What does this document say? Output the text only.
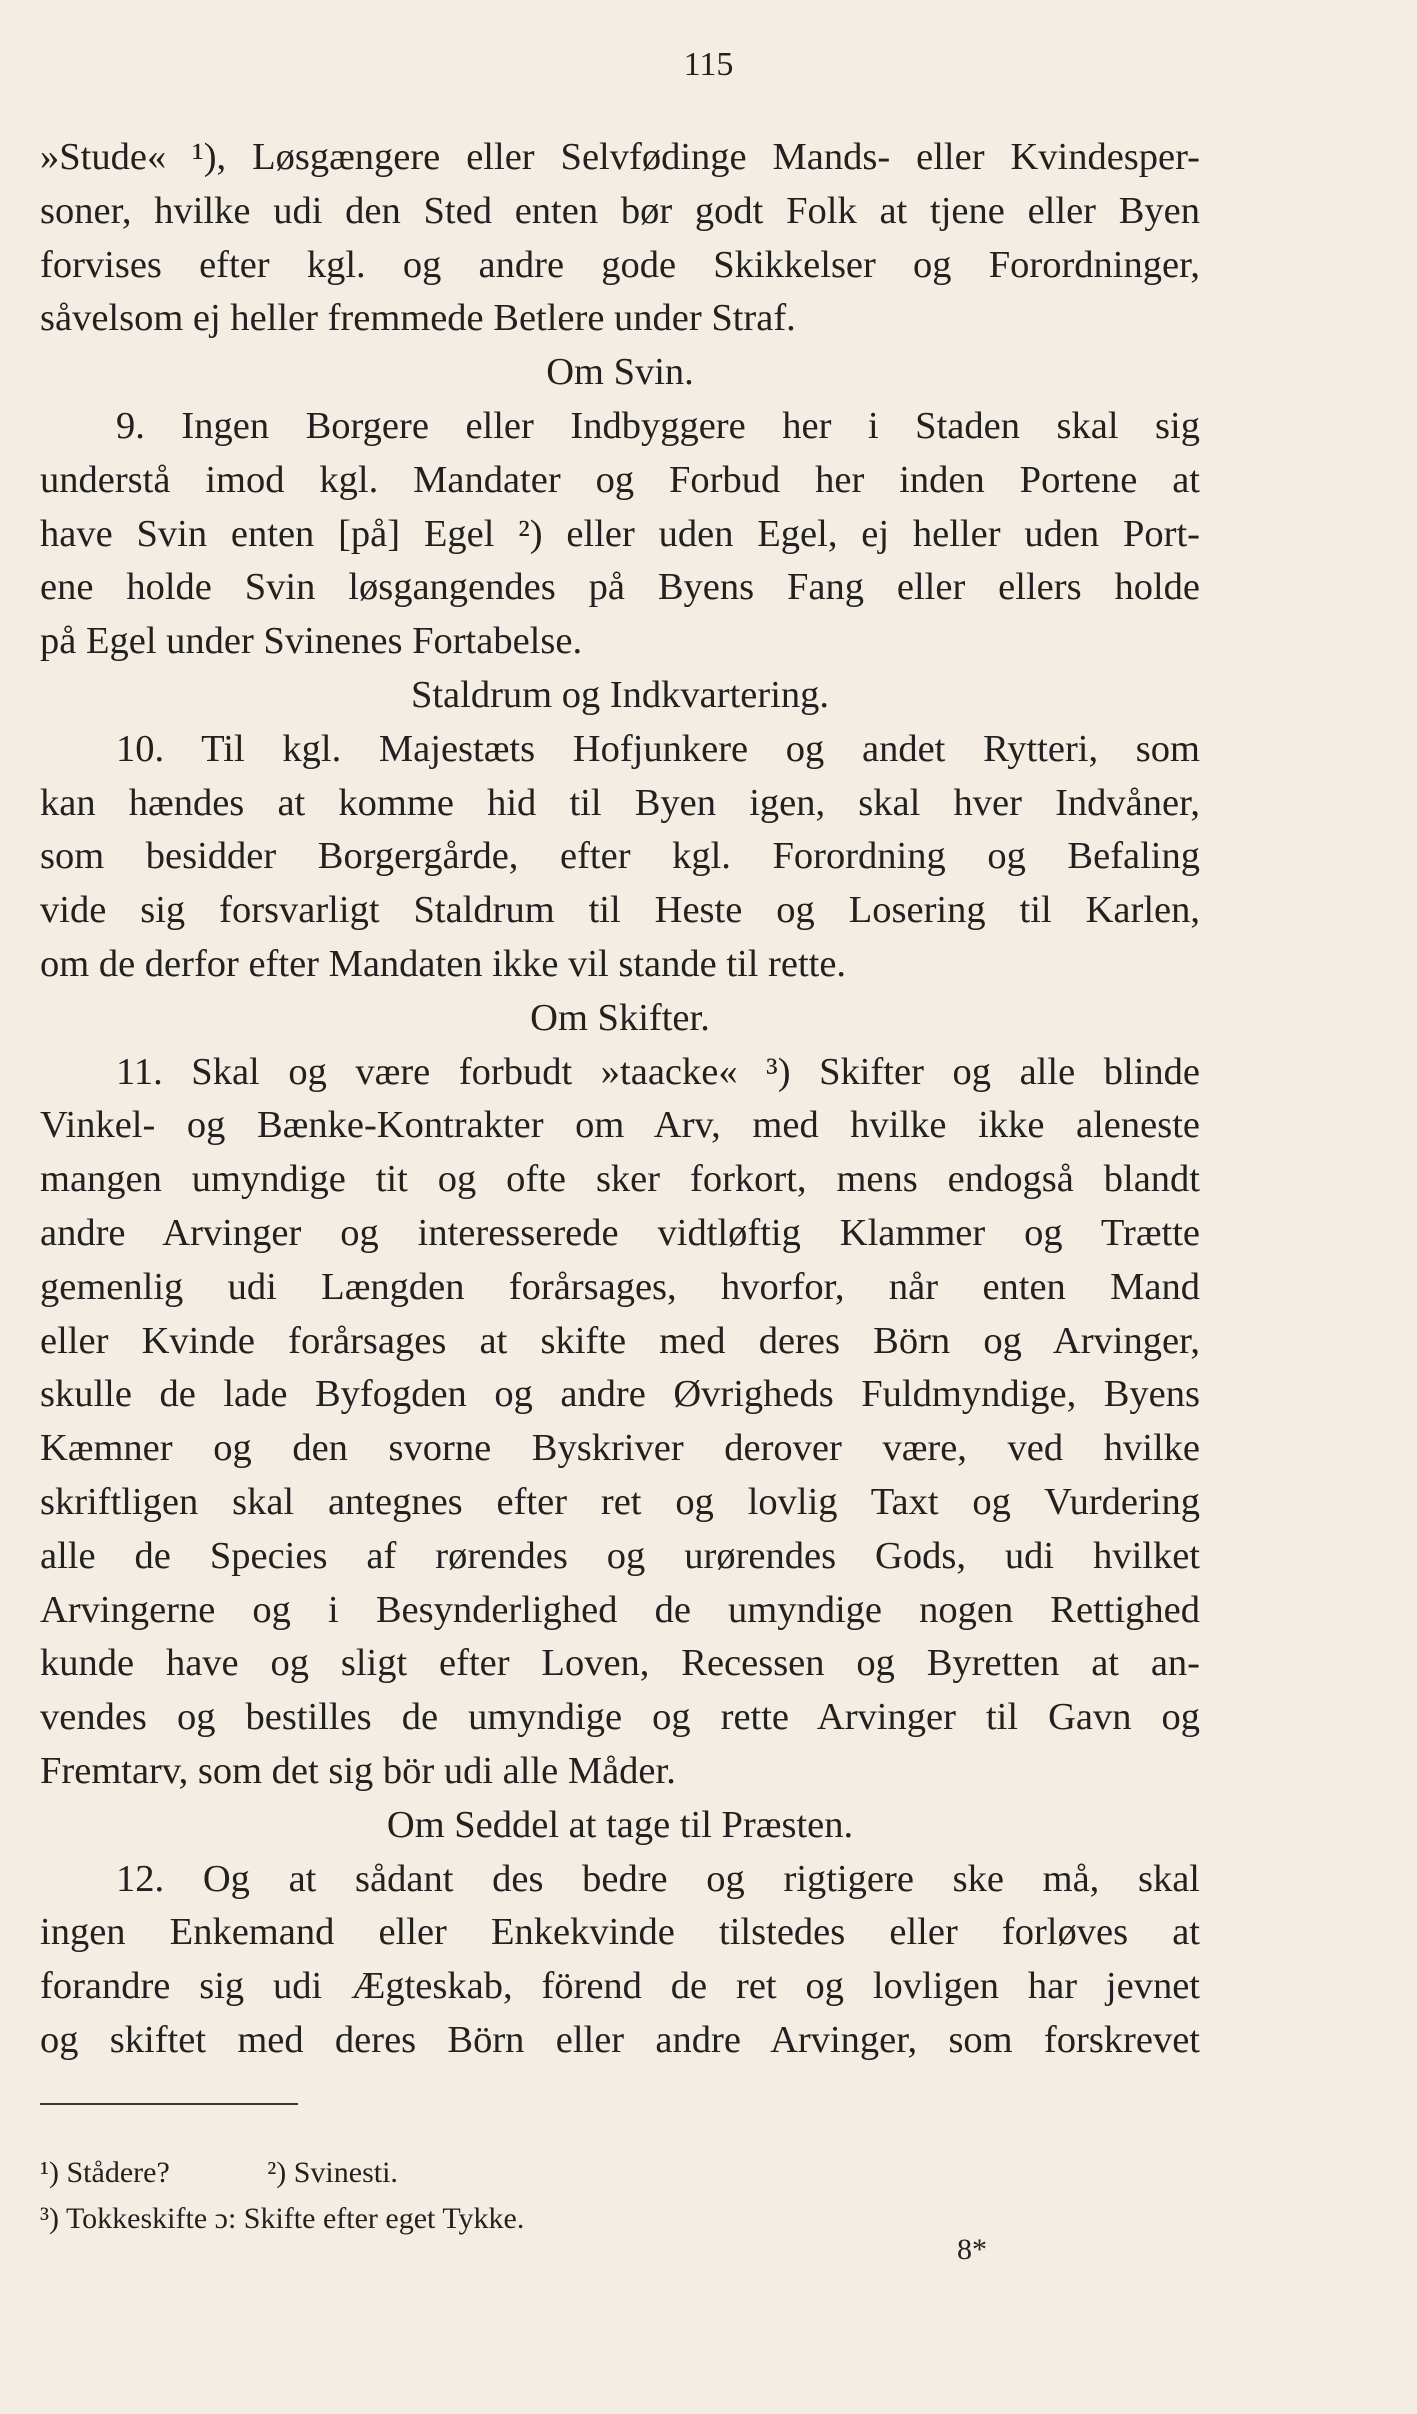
115
»Stude« ¹), Løsgængere eller Selvfødinge Mands- eller Kvindesper-
soner, hvilke udi den Sted enten bør godt Folk at tjene eller Byen
forvises efter kgl. og andre gode Skikkelser og Forordninger,
såvelsom ej heller fremmede Betlere under Straf.
Om Svin.
9. Ingen Borgere eller Indbyggere her i Staden skal sig
understå imod kgl. Mandater og Forbud her inden Portene at
have Svin enten [på] Egel ²) eller uden Egel, ej heller uden Port-
ene holde Svin løsgangendes på Byens Fang eller ellers holde
på Egel under Svinenes Fortabelse.
Staldrum og Indkvartering.
10. Til kgl. Majestæts Hofjunkere og andet Rytteri, som
kan hændes at komme hid til Byen igen, skal hver Indvåner,
som besidder Borgergårde, efter kgl. Forordning og Befaling
vide sig forsvarligt Staldrum til Heste og Losering til Karlen,
om de derfor efter Mandaten ikke vil stande til rette.
Om Skifter.
11. Skal og være forbudt »taacke« ³) Skifter og alle blinde
Vinkel- og Bænke-Kontrakter om Arv, med hvilke ikke aleneste
mangen umyndige tit og ofte sker forkort, mens endogså blandt
andre Arvinger og interesserede vidtløftig Klammer og Trætte
gemenlig udi Længden forårsages, hvorfor, når enten Mand
eller Kvinde forårsages at skifte med deres Börn og Arvinger,
skulle de lade Byfogden og andre Øvrigheds Fuldmyndige, Byens
Kæmner og den svorne Byskriver derover være, ved hvilke
skriftligen skal antegnes efter ret og lovlig Taxt og Vurdering
alle de Species af rørendes og urørendes Gods, udi hvilket
Arvingerne og i Besynderlighed de umyndige nogen Rettighed
kunde have og sligt efter Loven, Recessen og Byretten at an-
vendes og bestilles de umyndige og rette Arvinger til Gavn og
Fremtarv, som det sig bör udi alle Måder.
Om Seddel at tage til Præsten.
12. Og at sådant des bedre og rigtigere ske må, skal
ingen Enkemand eller Enkekvinde tilstedes eller forløves at
forandre sig udi Ægteskab, förend de ret og lovligen har jevnet
og skiftet med deres Börn eller andre Arvinger, som forskrevet
¹) Stådere?	²) Svinesti.
³) Tokkeskifte ɔ: Skifte efter eget Tykke.
8*
